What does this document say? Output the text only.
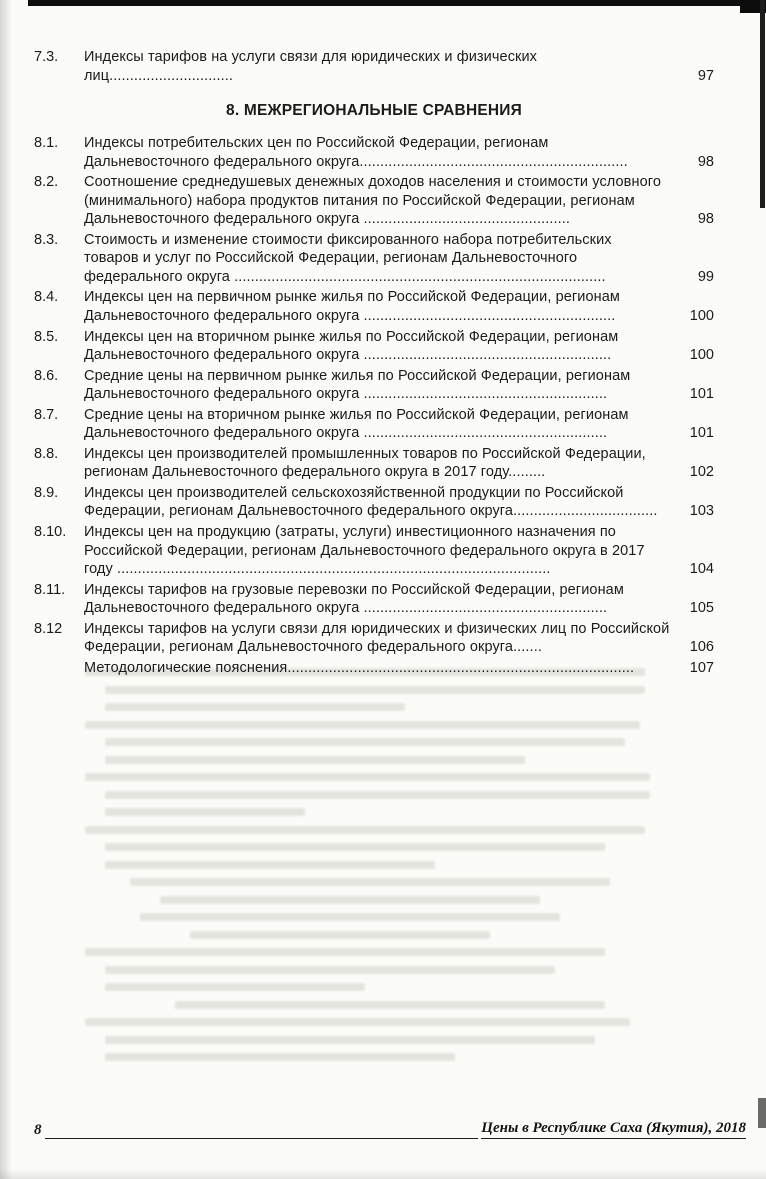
7.3.	Индексы тарифов на услуги связи для юридических и физических лиц..............................	97
8. МЕЖРЕГИОНАЛЬНЫЕ СРАВНЕНИЯ
8.1.	Индексы потребительских цен по Российской Федерации, регионам Дальневосточного федерального округа.................................................................	98
8.2.	Соотношение среднедушевых денежных доходов населения и стоимости условного (минимального) набора продуктов питания по Российской Федерации, регионам Дальневосточного федерального округа ..................................................	98
8.3.	Стоимость и изменение стоимости фиксированного набора потребительских товаров и услуг по Российской Федерации, регионам Дальневосточного федерального округа ..........................................................................................	99
8.4.	Индексы цен на первичном рынке жилья по Российской Федерации, регионам Дальневосточного федерального округа .............................................................	100
8.5.	Индексы цен на вторичном рынке жилья по Российской Федерации, регионам Дальневосточного федерального округа ............................................................	100
8.6.	Средние цены на первичном рынке жилья по Российской Федерации, регионам Дальневосточного федерального округа ...........................................................	101
8.7.	Средние цены на вторичном рынке жилья по Российской Федерации, регионам Дальневосточного федерального округа ...........................................................	101
8.8.	Индексы цен производителей промышленных товаров по Российской Федерации, регионам Дальневосточного федерального округа в 2017 году.........	102
8.9.	Индексы цен производителей сельскохозяйственной продукции по Российской Федерации, регионам Дальневосточного федерального округа...................................	103
8.10.	Индексы цен на продукцию (затраты, услуги) инвестиционного назначения по Российской Федерации, регионам Дальневосточного федерального округа в 2017 году .........................................................................................................	104
8.11.	Индексы тарифов на грузовые перевозки по Российской Федерации, регионам Дальневосточного федерального округа ...........................................................	105
8.12	Индексы тарифов на услуги связи для юридических и физических лиц по Российской Федерации, регионам Дальневосточного федерального округа.......	106
Методологические пояснения....................................................................................	107
8	Цены в Республике Саха (Якутия), 2018
